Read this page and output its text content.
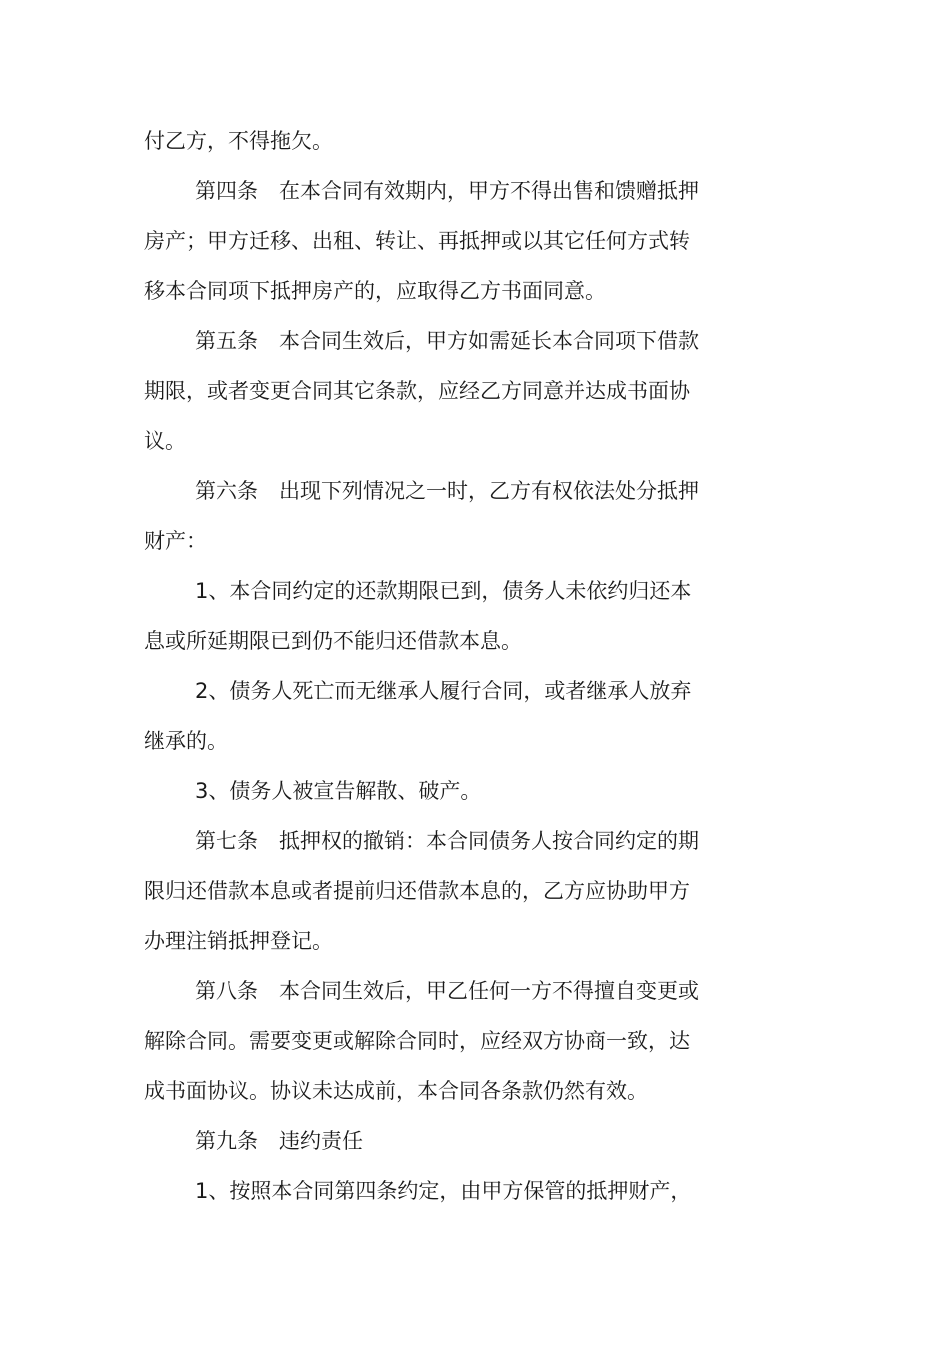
付乙方，不得拖欠。
第四条　在本合同有效期内，甲方不得出售和馈赠抵押
房产；甲方迁移、出租、转让、再抵押或以其它任何方式转
移本合同项下抵押房产的，应取得乙方书面同意。
第五条　本合同生效后，甲方如需延长本合同项下借款
期限，或者变更合同其它条款，应经乙方同意并达成书面协
议。
第六条　出现下列情况之一时，乙方有权依法处分抵押
财产：
1、本合同约定的还款期限已到，债务人未依约归还本
息或所延期限已到仍不能归还借款本息。
2、债务人死亡而无继承人履行合同，或者继承人放弃
继承的。
3、债务人被宣告解散、破产。
第七条　抵押权的撤销：本合同债务人按合同约定的期
限归还借款本息或者提前归还借款本息的，乙方应协助甲方
办理注销抵押登记。
第八条　本合同生效后，甲乙任何一方不得擅自变更或
解除合同。需要变更或解除合同时，应经双方协商一致，达
成书面协议。协议未达成前，本合同各条款仍然有效。
第九条　违约责任
1、按照本合同第四条约定，由甲方保管的抵押财产，
